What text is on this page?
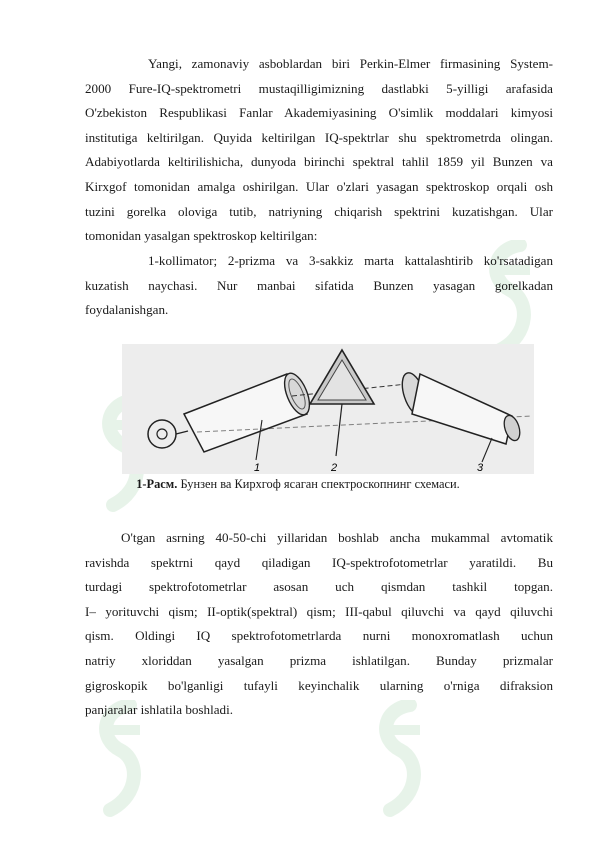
Yangi, zamonaviy asboblardan biri Perkin-Elmer firmasining System-
2000 Fure-IQ-spektrometri mustaqilligimizning dastlabki 5-yilligi arafasida
O'zbekiston Respublikasi Fanlar Akademiyasining O'simlik moddalari kimyosi
institutiga keltirilgan. Quyida keltirilgan IQ-spektrlar shu spektrometrda olingan.
Adabiyotlarda keltirilishicha, dunyoda birinchi spektral tahlil 1859 yil Bunzen va
Kirxgof tomonidan amalga oshirilgan. Ular o'zlari yasagan spektroskop orqali osh
tuzini gorelka oloviga tutib, natriyning chiqarish spektrini kuzatishgan. Ular
tomonidan yasalgan spektroskop keltirilgan:
1-kollimator; 2-prizma va 3-sakkiz marta kattalashtirib ko'rsatadigan
kuzatish naychasi. Nur manbai sifatida Bunzen yasagan gorelkadan
foydalanishgan.
1	2	3
1-Расм. Бунзен ва Кирхгоф ясаган спектроскопнинг схемаси.
O'tgan asrning 40-50-chi yillaridan boshlab ancha mukammal avtomatik
ravishda spektrni qayd qiladigan IQ-spektrofotometrlar yaratildi. Bu
turdagi spektrofotometrlar asosan uch qismdan tashkil topgan.
I– yorituvchi qism; II-optik(spektral) qism; III-qabul qiluvchi va qayd qiluvchi
qism. Oldingi IQ spektrofotometrlarda nurni monoxromatlash uchun
natriy xloriddan yasalgan prizma ishlatilgan. Bunday prizmalar
gigroskopik bo'lganligi tufayli keyinchalik ularning o'rniga difraksion
panjaralar ishlatila boshladi.
